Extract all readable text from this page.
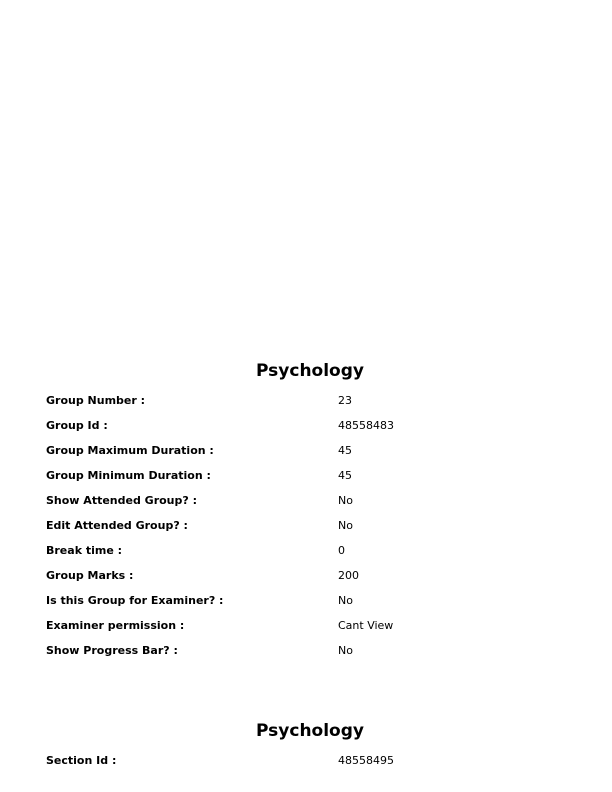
Psychology
Group Number :	23
Group Id :	48558483
Group Maximum Duration :	45
Group Minimum Duration :	45
Show Attended Group? :	No
Edit Attended Group? :	No
Break time :	0
Group Marks :	200
Is this Group for Examiner? :	No
Examiner permission :	Cant View
Show Progress Bar? :	No
Psychology
Section Id :	48558495
